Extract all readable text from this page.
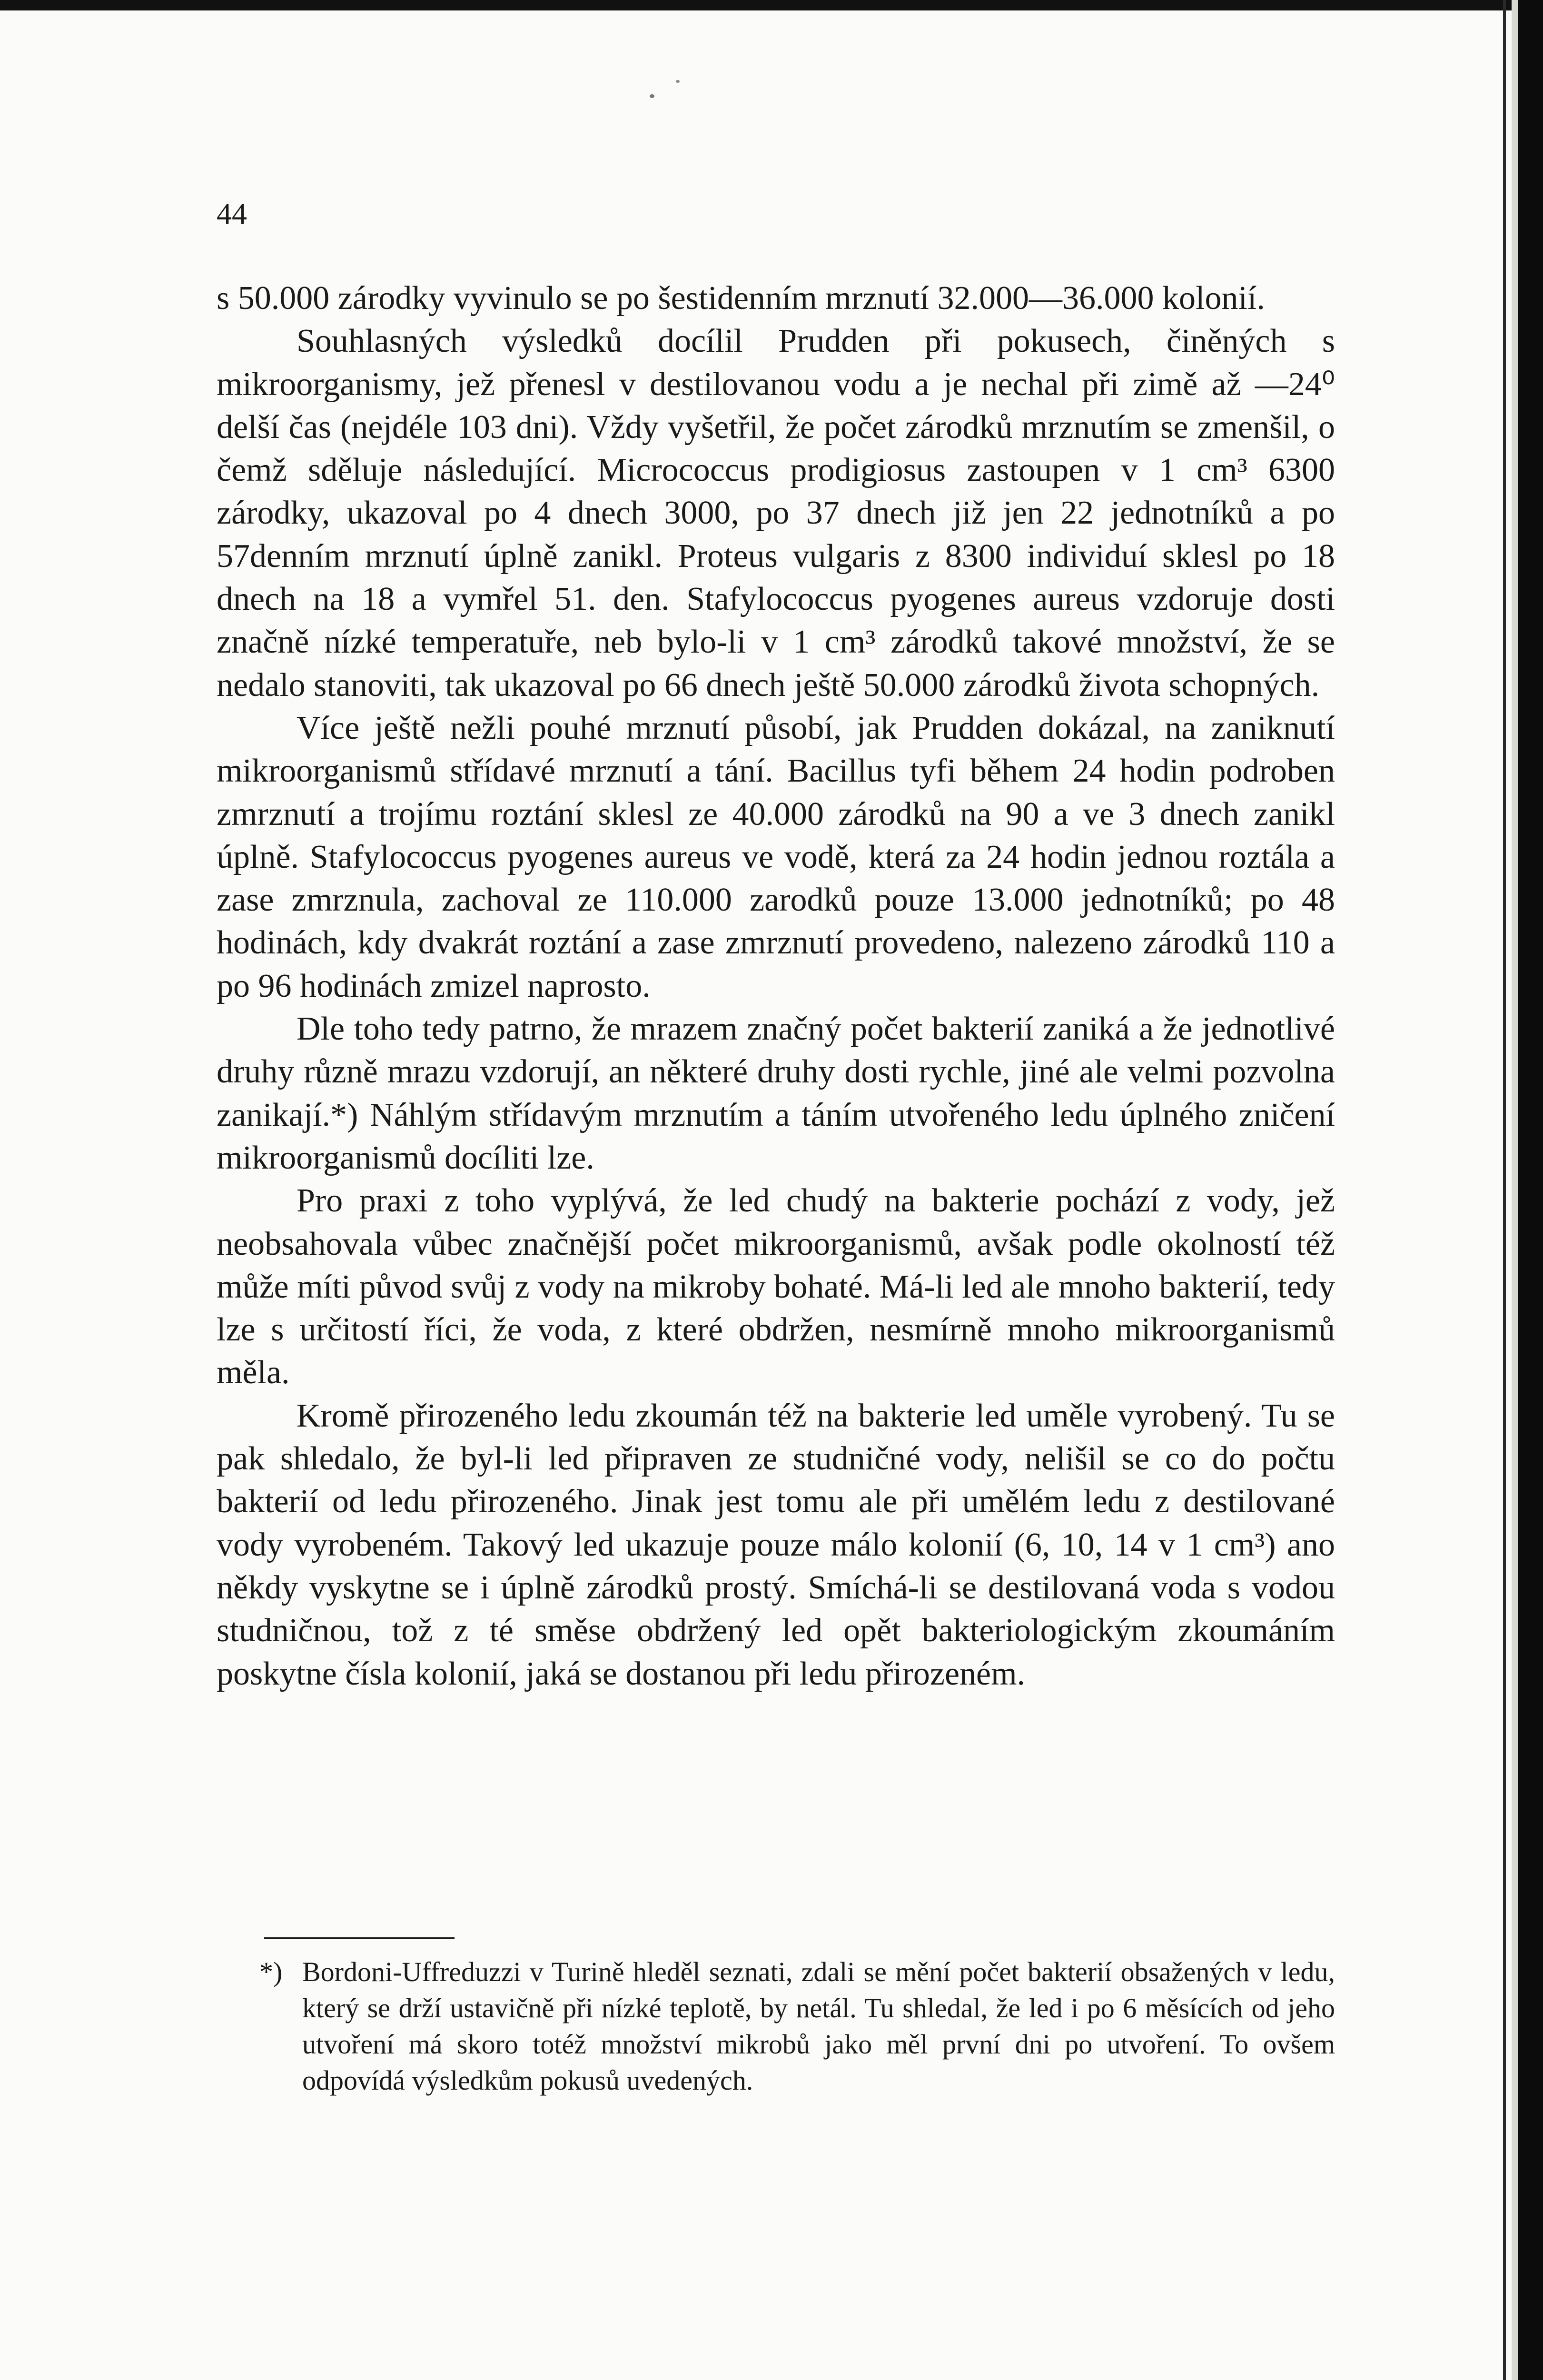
44

s 50.000 zárodky vyvinulo se po šestidenním mrznutí 32.000—36.000 kolonií.

Souhlasných výsledků docílil Prudden při pokusech, činěných s mikroorganismy, jež přenesl v destilovanou vodu a je nechal při zimě až —24⁰ delší čas (nejdéle 103 dni). Vždy vyšetřil, že počet zárodků mrznutím se zmenšil, o čemž sděluje následující. Micrococcus prodigiosus zastoupen v 1 cm³ 6300 zárodky, ukazoval po 4 dnech 3000, po 37 dnech již jen 22 jednotníků a po 57denním mrznutí úplně zanikl. Proteus vulgaris z 8300 individuí sklesl po 18 dnech na 18 a vymřel 51. den. Stafylococcus pyogenes aureus vzdoruje dosti značně nízké temperatuře, neb bylo-li v 1 cm³ zárodků takové množství, že se nedalo stanoviti, tak ukazoval po 66 dnech ještě 50.000 zárodků života schopných.

Více ještě nežli pouhé mrznutí působí, jak Prudden dokázal, na zaniknutí mikroorganismů střídavé mrznutí a tání. Bacillus tyfi během 24 hodin podroben zmrznutí a trojímu roztání sklesl ze 40.000 zárodků na 90 a ve 3 dnech zanikl úplně. Stafylococcus pyogenes aureus ve vodě, která za 24 hodin jednou roztála a zase zmrznula, zachoval ze 110.000 zarodků pouze 13.000 jednotníků; po 48 hodinách, kdy dvakrát roztání a zase zmrznutí provedeno, nalezeno zárodků 110 a po 96 hodinách zmizel naprosto.

Dle toho tedy patrno, že mrazem značný počet bakterií zaniká a že jednotlivé druhy různě mrazu vzdorují, an některé druhy dosti rychle, jiné ale velmi pozvolna zanikají.*) Náhlým střídavým mrznutím a táním utvořeného ledu úplného zničení mikroorganismů docíliti lze.

Pro praxi z toho vyplývá, že led chudý na bakterie pochází z vody, jež neobsahovala vůbec značnější počet mikroorganismů, avšak podle okolností též může míti původ svůj z vody na mikroby bohaté. Má-li led ale mnoho bakterií, tedy lze s určitostí říci, že voda, z které obdržen, nesmírně mnoho mikroorganismů měla.

Kromě přirozeného ledu zkoumán též na bakterie led uměle vyrobený. Tu se pak shledalo, že byl-li led připraven ze studničné vody, nelišil se co do počtu bakterií od ledu přirozeného. Jinak jest tomu ale při umělém ledu z destilované vody vyrobeném. Takový led ukazuje pouze málo kolonií (6, 10, 14 v 1 cm³) ano někdy vyskytne se i úplně zárodků prostý. Smíchá-li se destilovaná voda s vodou studničnou, tož z té směse obdržený led opět bakteriologickým zkoumáním poskytne čísla kolonií, jaká se dostanou při ledu přirozeném.

*) Bordoni-Uffreduzzi v Turině hleděl seznati, zdali se mění počet bakterií obsažených v ledu, který se drží ustavičně při nízké teplotě, by netál. Tu shledal, že led i po 6 měsících od jeho utvoření má skoro totéž množství mikrobů jako měl první dni po utvoření. To ovšem odpovídá výsledkům pokusů uvedených.
